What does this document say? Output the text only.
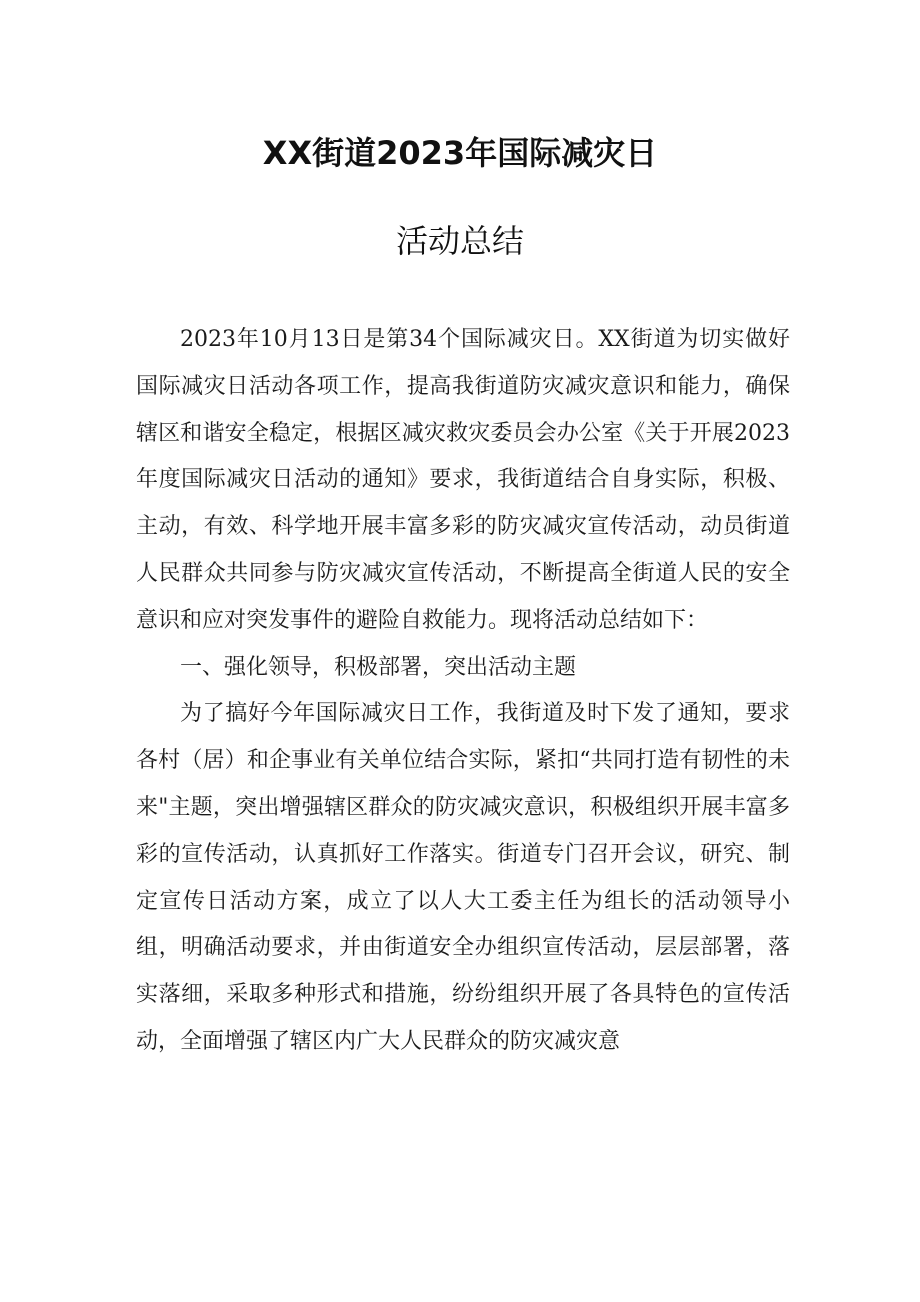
XX街道2023年国际减灾日
活动总结

2023年10月13日是第34个国际减灾日。XX街道为切实做好国际减灾日活动各项工作，提高我街道防灾减灾意识和能力，确保辖区和谐安全稳定，根据区减灾救灾委员会办公室《关于开展2023年度国际减灾日活动的通知》要求，我街道结合自身实际，积极、主动，有效、科学地开展丰富多彩的防灾减灾宣传活动，动员街道人民群众共同参与防灾减灾宣传活动，不断提高全街道人民的安全意识和应对突发事件的避险自救能力。现将活动总结如下：

一、强化领导，积极部署，突出活动主题

为了搞好今年国际减灾日工作，我街道及时下发了通知，要求各村（居）和企事业有关单位结合实际，紧扣“共同打造有韧性的未来"主题，突出增强辖区群众的防灾减灾意识，积极组织开展丰富多彩的宣传活动，认真抓好工作落实。街道专门召开会议，研究、制定宣传日活动方案，成立了以人大工委主任为组长的活动领导小组，明确活动要求，并由街道安全办组织宣传活动，层层部署，落实落细，采取多种形式和措施，纷纷组织开展了各具特色的宣传活动，全面增强了辖区内广大人民群众的防灾减灾意
